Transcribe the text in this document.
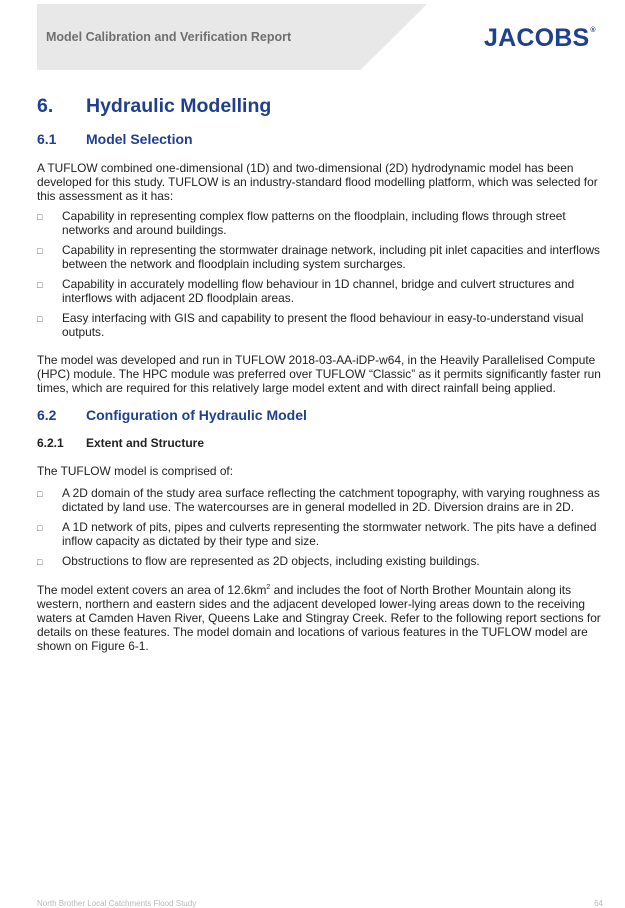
Model Calibration and Verification Report	JACOBS®
6. Hydraulic Modelling
6.1 Model Selection
A TUFLOW combined one-dimensional (1D) and two-dimensional (2D) hydrodynamic model has been developed for this study. TUFLOW is an industry-standard flood modelling platform, which was selected for this assessment as it has:
□ Capability in representing complex flow patterns on the floodplain, including flows through street networks and around buildings.
□ Capability in representing the stormwater drainage network, including pit inlet capacities and interflows between the network and floodplain including system surcharges.
□ Capability in accurately modelling flow behaviour in 1D channel, bridge and culvert structures and interflows with adjacent 2D floodplain areas.
□ Easy interfacing with GIS and capability to present the flood behaviour in easy-to-understand visual outputs.
The model was developed and run in TUFLOW 2018-03-AA-iDP-w64, in the Heavily Parallelised Compute (HPC) module. The HPC module was preferred over TUFLOW “Classic” as it permits significantly faster run times, which are required for this relatively large model extent and with direct rainfall being applied.
6.2 Configuration of Hydraulic Model
6.2.1 Extent and Structure
The TUFLOW model is comprised of:
□ A 2D domain of the study area surface reflecting the catchment topography, with varying roughness as dictated by land use. The watercourses are in general modelled in 2D. Diversion drains are in 2D.
□ A 1D network of pits, pipes and culverts representing the stormwater network. The pits have a defined inflow capacity as dictated by their type and size.
□ Obstructions to flow are represented as 2D objects, including existing buildings.
The model extent covers an area of $12.6km^2$ and includes the foot of North Brother Mountain along its western, northern and eastern sides and the adjacent developed lower-lying areas down to the receiving waters at Camden Haven River, Queens Lake and Stingray Creek. Refer to the following report sections for details on these features. The model domain and locations of various features in the TUFLOW model are shown on Figure 6-1.
North Brother Local Catchments Flood Study	64
